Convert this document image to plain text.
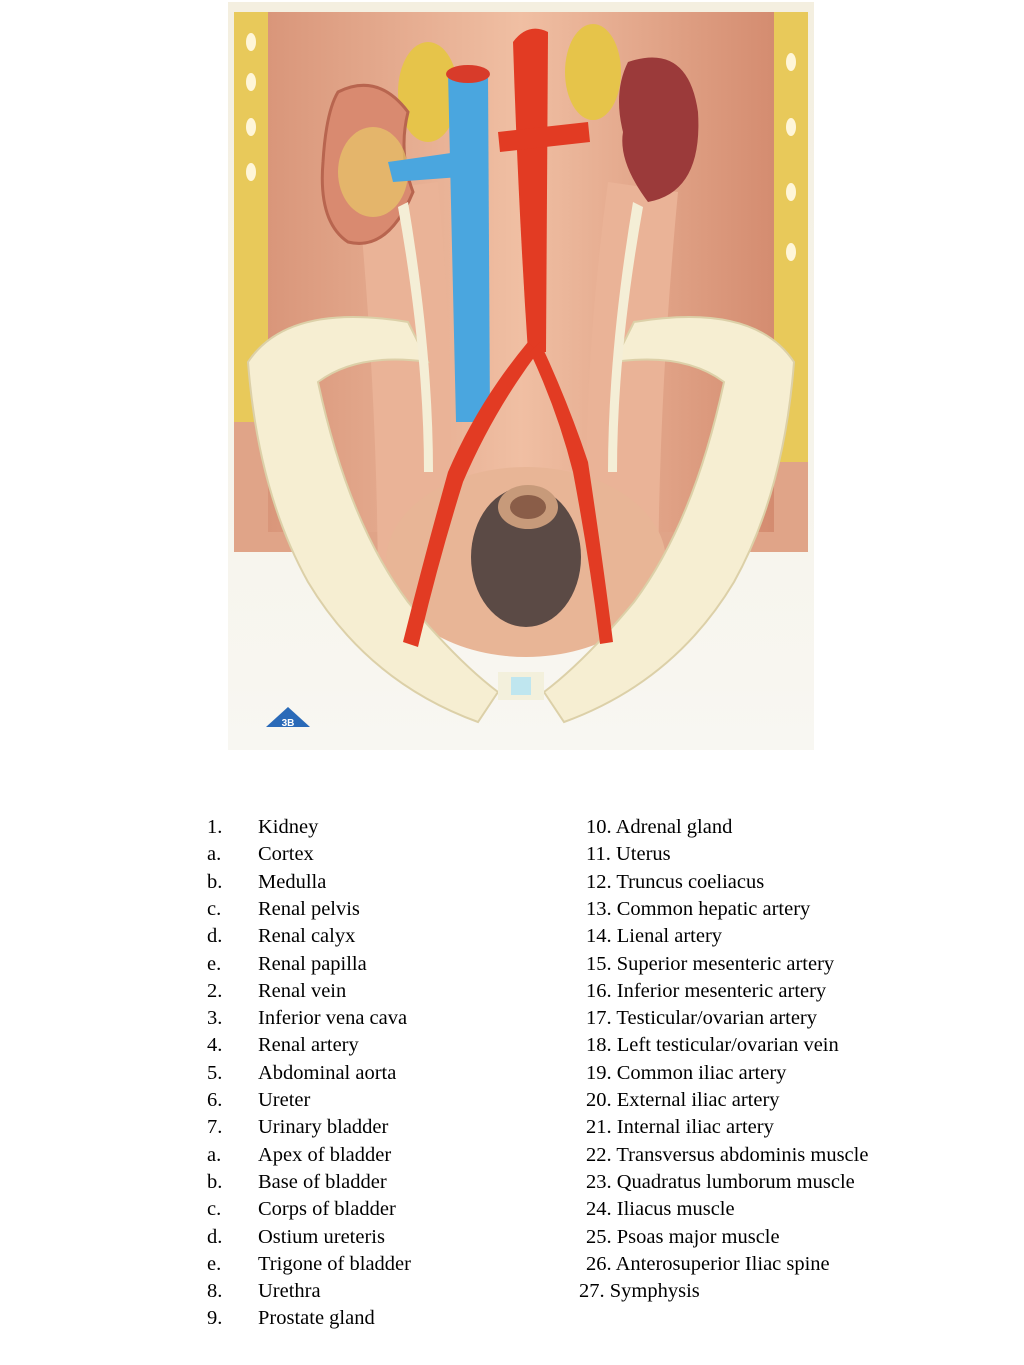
3B
1. Kidney	10. Adrenal gland
a. Cortex	11. Uterus
b. Medulla	12. Truncus coeliacus
c. Renal pelvis	13. Common hepatic artery
d. Renal calyx	14. Lienal artery
e. Renal papilla	15. Superior mesenteric artery
2. Renal vein	16. Inferior mesenteric artery
3. Inferior vena cava	17. Testicular/ovarian artery
4. Renal artery	18. Left testicular/ovarian vein
5. Abdominal aorta	19. Common iliac artery
6. Ureter	20. External iliac artery
7. Urinary bladder	21. Internal iliac artery
a. Apex of bladder	22. Transversus abdominis muscle
b. Base of bladder	23. Quadratus lumborum muscle
c. Corps of bladder	24. Iliacus muscle
d. Ostium ureteris	25. Psoas major muscle
e. Trigone of bladder	26. Anterosuperior Iliac spine
8. Urethra	27. Symphysis
9. Prostate gland
